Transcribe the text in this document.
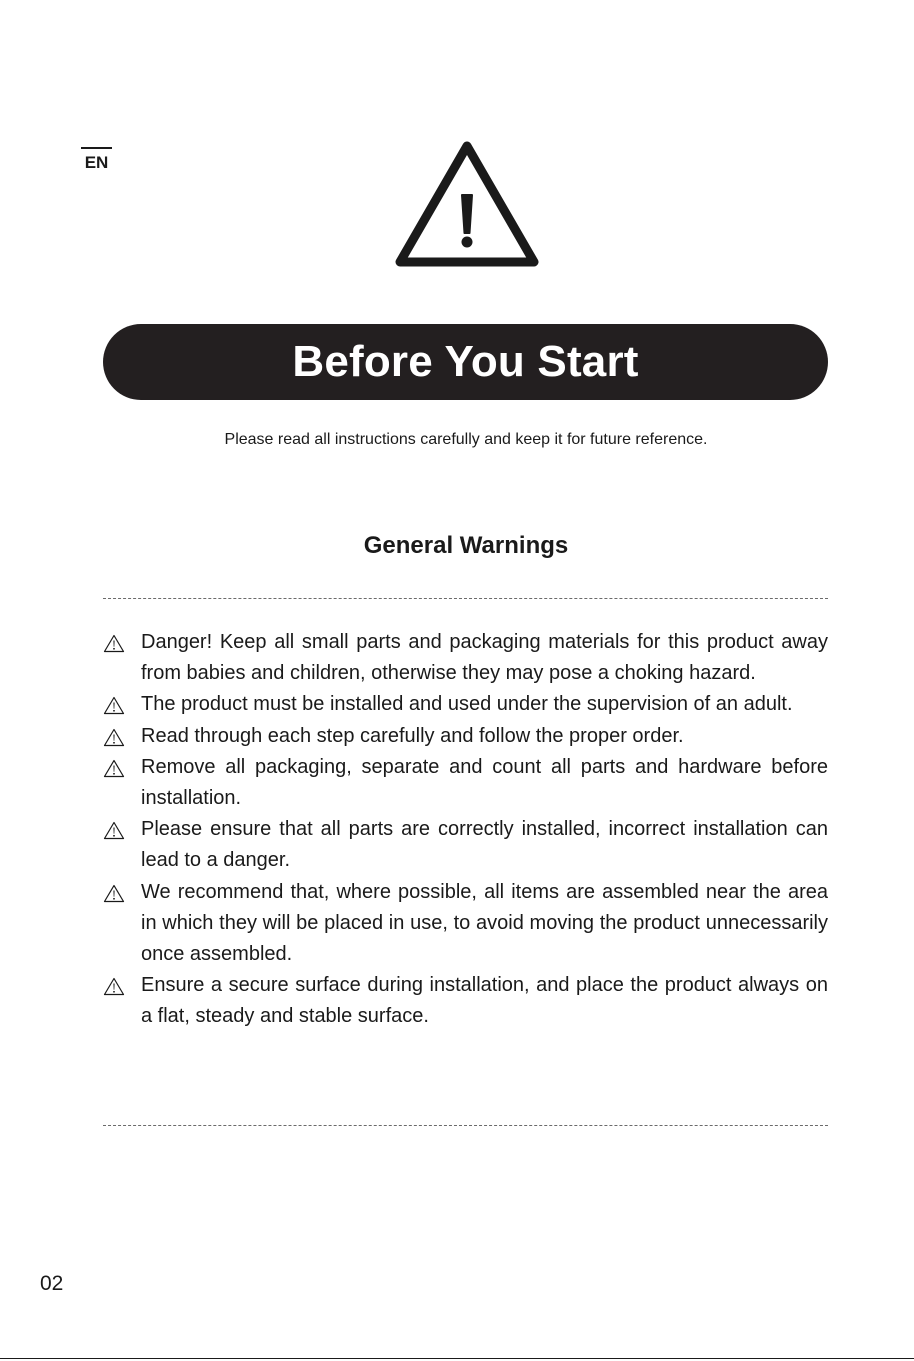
EN
Before You Start
Please read all instructions carefully and keep it for future reference.
General Warnings
Danger! Keep all small parts and packaging materials for this product away from babies and children, otherwise they may pose a choking hazard.
The product must be installed and used under the supervision of an adult.
Read through each step carefully and follow the proper order.
Remove all packaging, separate and count all parts and hardware before installation.
Please ensure that all parts are correctly installed, incorrect installation can lead to a danger.
We recommend that, where possible, all items are assembled near the area in which they will be placed in use, to avoid moving the product unnecessarily once assembled.
Ensure a secure surface during installation, and place the product always on a flat, steady and stable surface.
02
